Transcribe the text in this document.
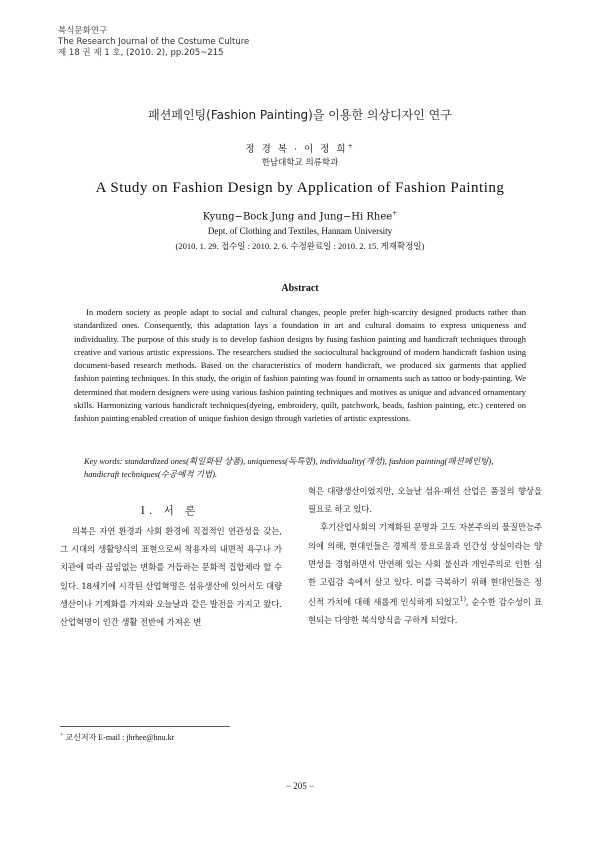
복식문화연구
The Research Journal of the Costume Culture
제 18 권 제 1 호, (2010. 2), pp.205~215
패션페인팅(Fashion Painting)을 이용한 의상디자인 연구
정 경 복 · 이 정 희+
한남대학교 의류학과
A Study on Fashion Design by Application of Fashion Painting
Kyung−Bock Jung and Jung−Hi Rhee+
Dept. of Clothing and Textiles, Hannam University
(2010. 1. 29. 접수일 : 2010. 2. 6. 수정완료일 : 2010. 2. 15. 게재확정일)
Abstract
In modern society as people adapt to social and cultural changes, people prefer high-scarcity designed products rather than standardized ones. Consequently, this adaptation lays a foundation in art and cultural domains to express uniqueness and individuality. The purpose of this study is to develop fashion designs by fusing fashion painting and handicraft techniques through creative and various artistic expressions. The researchers studied the sociocultural background of modern handicraft fashion using document-based research methods. Based on the characteristics of modern handicraft, we produced six garments that applied fashion painting techniques. In this study, the origin of fashion painting was found in ornaments such as tattoo or body-painting. We determined that modern designers were using various fashion painting techniques and motives as unique and advanced ornamentary skills. Harmonizing various handicraft techniques(dyeing, embroidery, quilt, patchwork, beads, fashion painting, etc.) centered on fashion painting enabled creation of unique fashion design through varieties of artistic expressions.
Key words: standardized ones(획일화된 상품), uniqueness(독특함), individuality(개성), fashion painting(패션페인팅), handicraft techniques(수공예적 기법).
Ⅰ. 서 론
의복은 자연 환경과 사회 환경에 직접적인 연관성을 갖는, 그 시대의 생활양식의 표현으로써 착용자의 내면적 욕구나 가치관에 따라 끊임없는 변화를 거듭하는 문화적 집합체라 할 수 있다. 18세기에 시작된 산업혁명은 섬유생산에 있어서도 대량생산이나 기계화를 가져와 오늘날과 같은 발전을 가지고 왔다. 산업혁명이 인간 생활 전반에 가져온 변
혁은 대량생산이었지만, 오늘날 섬유·패션 산업은 품질의 향상을 필요로 하고 있다.
후기산업사회의 기계화된 문명과 고도 자본주의의 물질만능주의에 의해, 현대인들은 경제적 풍요로움과 인간성 상실이라는 양면성을 경험하면서 만연해 있는 사회 불신과 개인주의로 인한 심한 고립감 속에서 살고 있다. 이를 극복하기 위해 현대인들은 정신적 가치에 대해 새롭게 인식하게 되었고$^{1)}$, 순수한 감수성이 표현되는 다양한 복식양식을 구하게 되었다.
+ 교신저자 E-mail : jhrhee@hnu.kr
− 205 −
